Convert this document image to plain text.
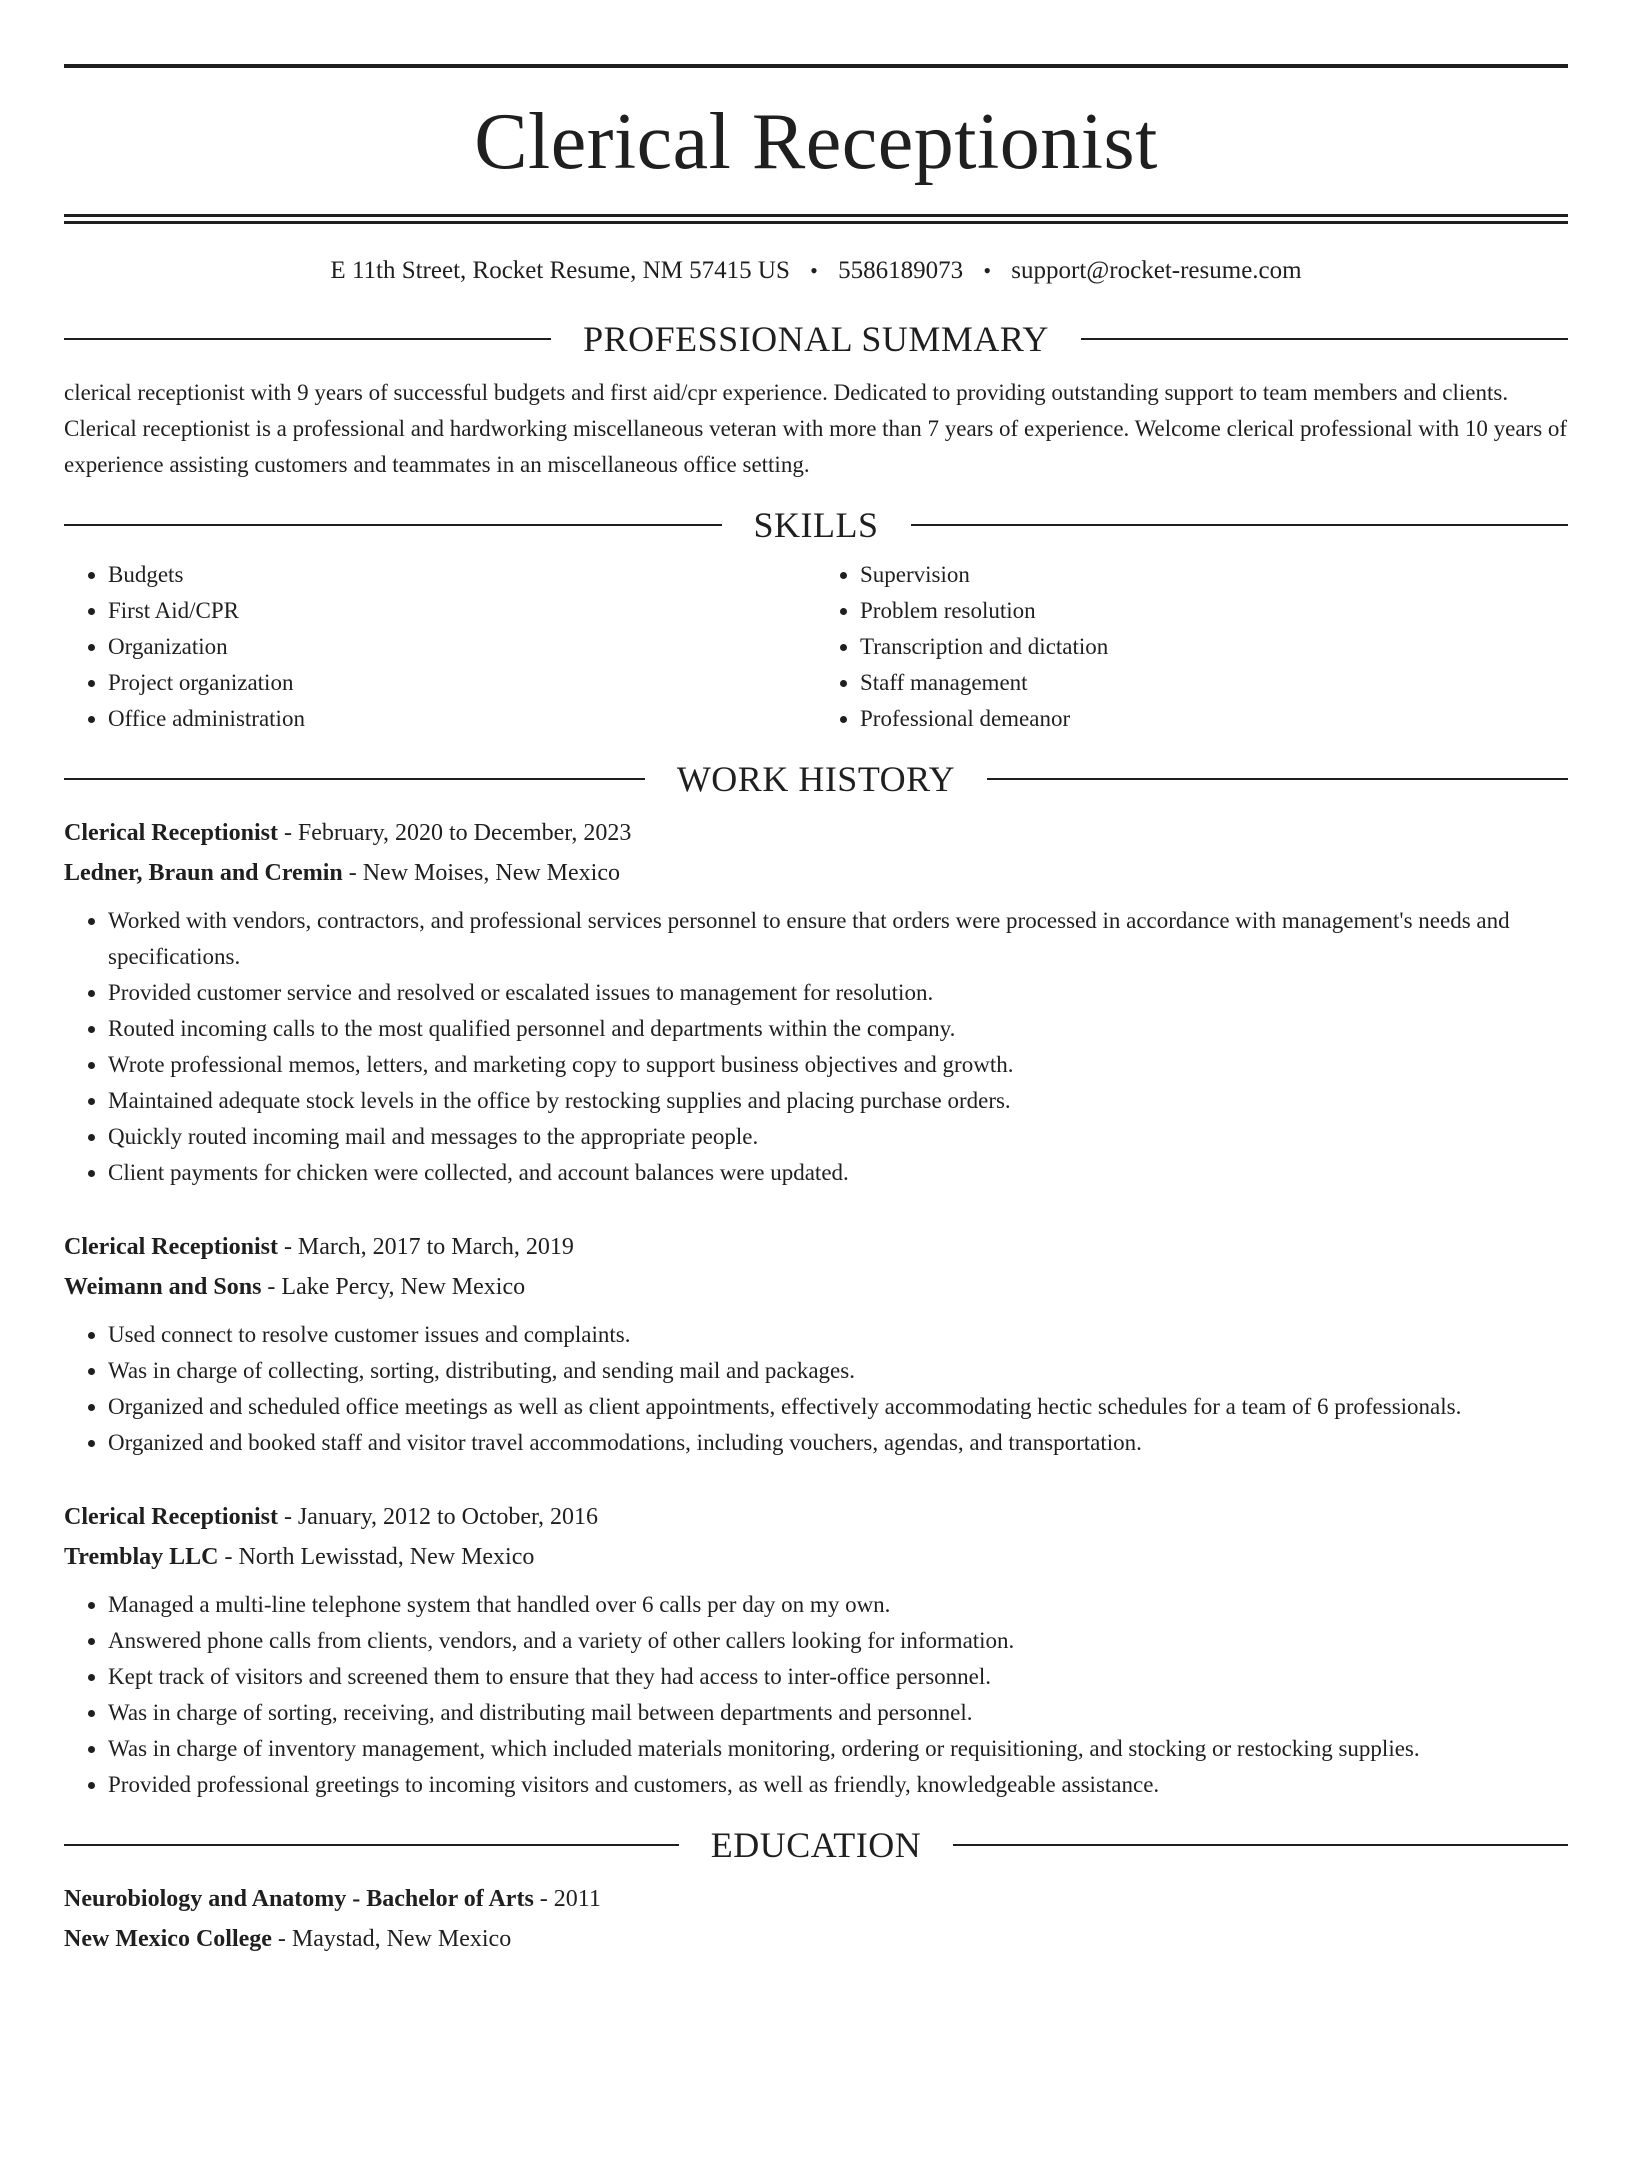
Clerical Receptionist
E 11th Street, Rocket Resume, NM 57415 US • 5586189073 • support@rocket-resume.com
PROFESSIONAL SUMMARY

clerical receptionist with 9 years of successful budgets and first aid/cpr experience. Dedicated to providing outstanding support to team members and clients. Clerical receptionist is a professional and hardworking miscellaneous veteran with more than 7 years of experience. Welcome clerical professional with 10 years of experience assisting customers and teammates in an miscellaneous office setting.

SKILLS
• Budgets
• First Aid/CPR
• Organization
• Project organization
• Office administration
• Supervision
• Problem resolution
• Transcription and dictation
• Staff management
• Professional demeanor
WORK HISTORY
Clerical Receptionist - February, 2020 to December, 2023
Ledner, Braun and Cremin - New Moises, New Mexico
• Worked with vendors, contractors, and professional services personnel to ensure that orders were processed in accordance with management's needs and specifications.
• Provided customer service and resolved or escalated issues to management for resolution.
• Routed incoming calls to the most qualified personnel and departments within the company.
• Wrote professional memos, letters, and marketing copy to support business objectives and growth.
• Maintained adequate stock levels in the office by restocking supplies and placing purchase orders.
• Quickly routed incoming mail and messages to the appropriate people.
• Client payments for chicken were collected, and account balances were updated.
Clerical Receptionist - March, 2017 to March, 2019
Weimann and Sons - Lake Percy, New Mexico
• Used connect to resolve customer issues and complaints.
• Was in charge of collecting, sorting, distributing, and sending mail and packages.
• Organized and scheduled office meetings as well as client appointments, effectively accommodating hectic schedules for a team of 6 professionals.
• Organized and booked staff and visitor travel accommodations, including vouchers, agendas, and transportation.
Clerical Receptionist - January, 2012 to October, 2016
Tremblay LLC - North Lewisstad, New Mexico
• Managed a multi-line telephone system that handled over 6 calls per day on my own.
• Answered phone calls from clients, vendors, and a variety of other callers looking for information.
• Kept track of visitors and screened them to ensure that they had access to inter-office personnel.
• Was in charge of sorting, receiving, and distributing mail between departments and personnel.
• Was in charge of inventory management, which included materials monitoring, ordering or requisitioning, and stocking or restocking supplies.
• Provided professional greetings to incoming visitors and customers, as well as friendly, knowledgeable assistance.
EDUCATION
Neurobiology and Anatomy - Bachelor of Arts - 2011
New Mexico College - Maystad, New Mexico
